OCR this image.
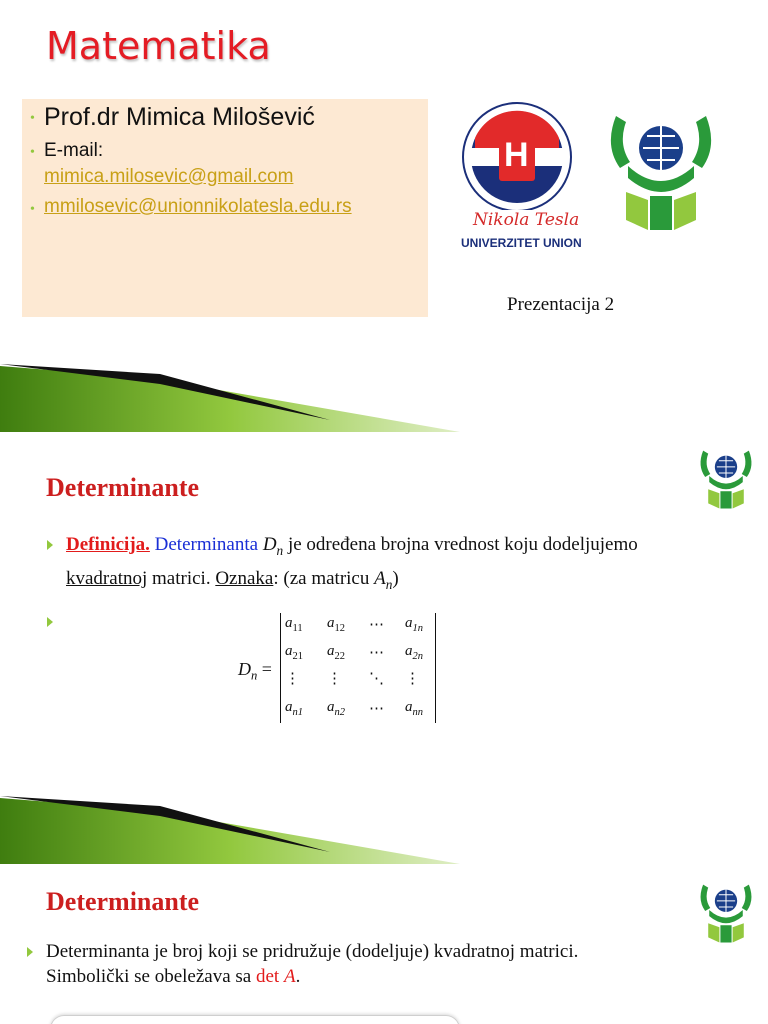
Matematika
• Prof.dr Mimica Milošević
• E-mail:
mimica.milosevic@gmail.com
• mmilosevic@unionnikolatesla.edu.rs
H
Nikola Tesla
UNIVERZITET UNION
Prezentacija 2
Determinante
Definicija. Determinanta $D_n$ je određena brojna vrednost koju dodeljujemo
kvadratnoj matrici. Oznaka: (za matricu $A_n$)
$D_n$ =
$a_{11}$ $a_{12}$ ⋯ $a_{1n}$
$a_{21}$ $a_{22}$ ⋯ $a_{2n}$
⋮ ⋮ ⋱ ⋮
$a_{n1}$ $a_{n2}$ ⋯ $a_{nn}$
Determinante
Determinanta je broj koji se pridružuje (dodeljuje) kvadratnoj matrici.
Simbolički se obeležava sa det A.
